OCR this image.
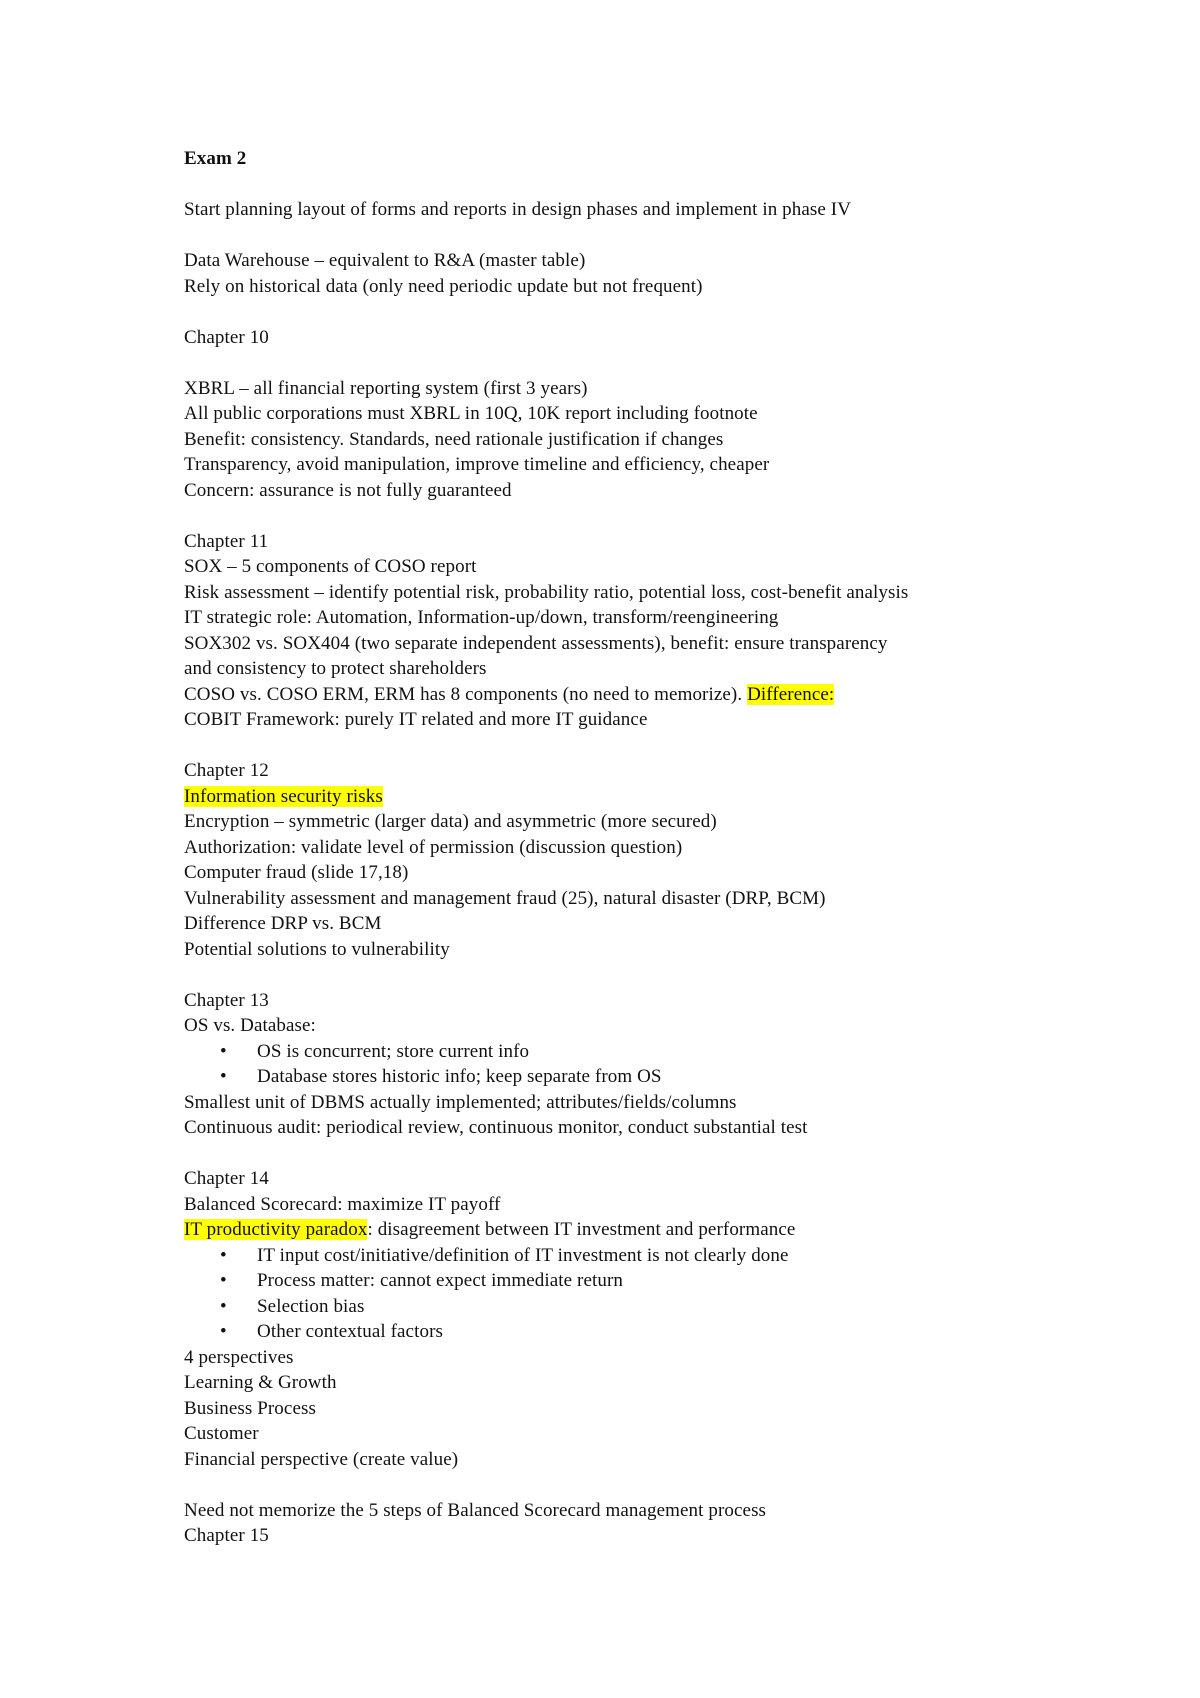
Exam 2

Start planning layout of forms and reports in design phases and implement in phase IV

Data Warehouse – equivalent to R&A (master table)

Rely on historical data (only need periodic update but not frequent)

Chapter 10

XBRL – all financial reporting system (first 3 years)

All public corporations must XBRL in 10Q, 10K report including footnote

Benefit: consistency. Standards, need rationale justification if changes

Transparency, avoid manipulation, improve timeline and efficiency, cheaper

Concern: assurance is not fully guaranteed

Chapter 11

SOX – 5 components of COSO report

Risk assessment – identify potential risk, probability ratio, potential loss, cost-benefit analysis

IT strategic role: Automation, Information-up/down, transform/reengineering

SOX302 vs. SOX404 (two separate independent assessments), benefit: ensure transparency

and consistency to protect shareholders

COSO vs. COSO ERM, ERM has 8 components (no need to memorize). Difference:

COBIT Framework: purely IT related and more IT guidance

Chapter 12

Information security risks

Encryption – symmetric (larger data) and asymmetric (more secured)

Authorization: validate level of permission (discussion question)

Computer fraud (slide 17,18)

Vulnerability assessment and management fraud (25), natural disaster (DRP, BCM)

Difference DRP vs. BCM

Potential solutions to vulnerability

Chapter 13

OS vs. Database:

• OS is concurrent; store current info
• Database stores historic info; keep separate from OS

Smallest unit of DBMS actually implemented; attributes/fields/columns

Continuous audit: periodical review, continuous monitor, conduct substantial test

Chapter 14

Balanced Scorecard: maximize IT payoff

IT productivity paradox: disagreement between IT investment and performance

• IT input cost/initiative/definition of IT investment is not clearly done
• Process matter: cannot expect immediate return
• Selection bias
• Other contextual factors

4 perspectives

Learning & Growth

Business Process

Customer

Financial perspective (create value)

Need not memorize the 5 steps of Balanced Scorecard management process

Chapter 15
